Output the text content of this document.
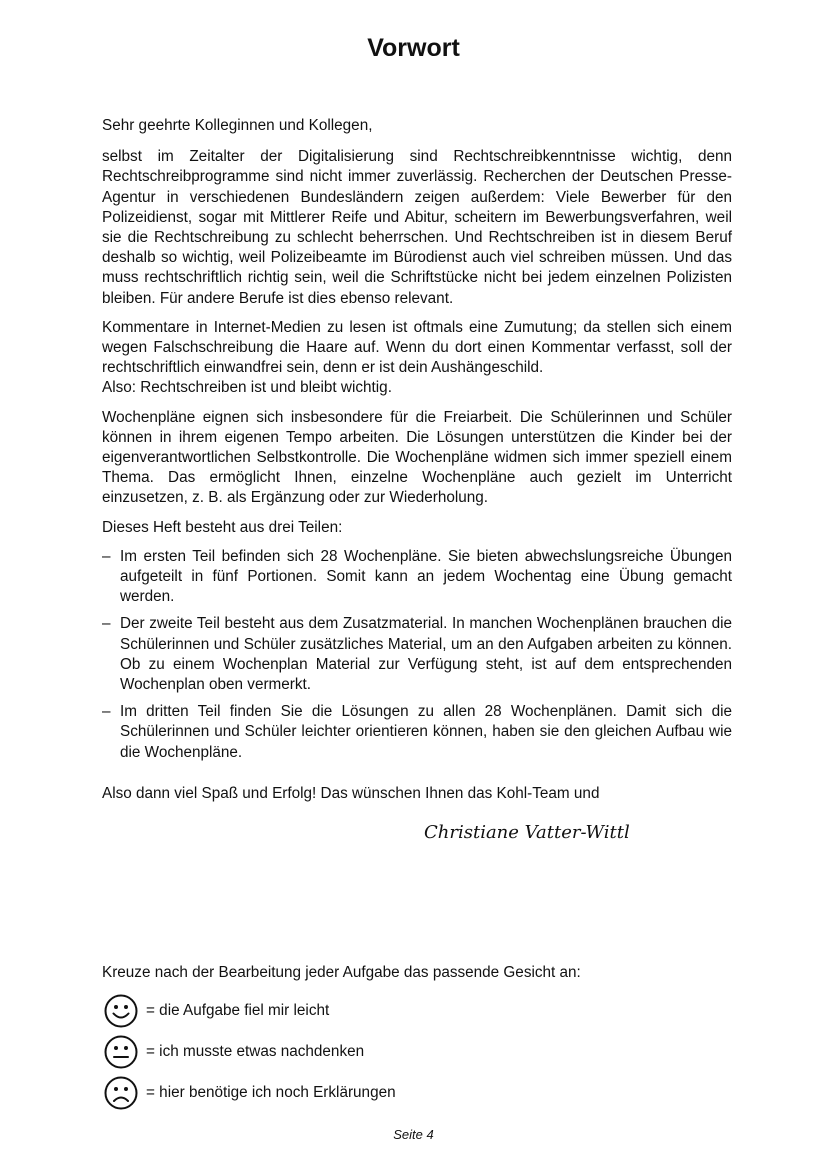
Vorwort

Sehr geehrte Kolleginnen und Kollegen,

selbst im Zeitalter der Digitalisierung sind Rechtschreibkenntnisse wichtig, denn Rechtschreibprogramme sind nicht immer zuverlässig. Recherchen der Deutschen Presse-Agentur in verschiedenen Bundesländern zeigen außerdem: Viele Bewerber für den Polizeidienst, sogar mit Mittlerer Reife und Abitur, scheitern im Bewerbungsverfahren, weil sie die Rechtschreibung zu schlecht beherrschen. Und Rechtschreiben ist in diesem Beruf deshalb so wichtig, weil Polizeibeamte im Bürodienst auch viel schreiben müssen. Und das muss rechtschriftlich richtig sein, weil die Schriftstücke nicht bei jedem einzelnen Polizisten bleiben. Für andere Berufe ist dies ebenso relevant.

Kommentare in Internet-Medien zu lesen ist oftmals eine Zumutung; da stellen sich einem wegen Falschschreibung die Haare auf. Wenn du dort einen Kommentar verfasst, soll der rechtschriftlich einwandfrei sein, denn er ist dein Aushängeschild.

Also: Rechtschreiben ist und bleibt wichtig.

Wochenpläne eignen sich insbesondere für die Freiarbeit. Die Schülerinnen und Schüler können in ihrem eigenen Tempo arbeiten. Die Lösungen unterstützen die Kinder bei der eigenverantwortlichen Selbstkontrolle. Die Wochenpläne widmen sich immer speziell einem Thema. Das ermöglicht Ihnen, einzelne Wochenpläne auch gezielt im Unterricht einzusetzen, z. B. als Ergänzung oder zur Wiederholung.

Dieses Heft besteht aus drei Teilen:

– Im ersten Teil befinden sich 28 Wochenpläne. Sie bieten abwechslungsreiche Übungen aufgeteilt in fünf Portionen. Somit kann an jedem Wochentag eine Übung gemacht werden.
– Der zweite Teil besteht aus dem Zusatzmaterial. In manchen Wochenplänen brauchen die Schülerinnen und Schüler zusätzliches Material, um an den Aufgaben arbeiten zu können. Ob zu einem Wochenplan Material zur Verfügung steht, ist auf dem entsprechenden Wochenplan oben vermerkt.
– Im dritten Teil finden Sie die Lösungen zu allen 28 Wochenplänen. Damit sich die Schülerinnen und Schüler leichter orientieren können, haben sie den gleichen Aufbau wie die Wochenpläne.

Also dann viel Spaß und Erfolg! Das wünschen Ihnen das Kohl-Team und

Christiane Vatter-Wittl

Kreuze nach der Bearbeitung jeder Aufgabe das passende Gesicht an:

= die Aufgabe fiel mir leicht
= ich musste etwas nachdenken
= hier benötige ich noch Erklärungen

Seite 4
